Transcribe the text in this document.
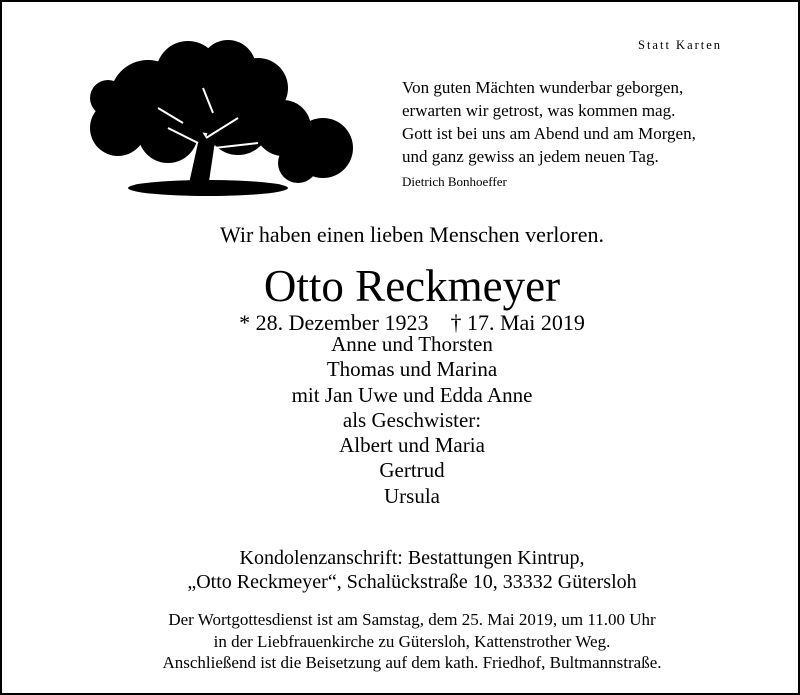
Statt Karten
Von guten Mächten wunderbar geborgen,
erwarten wir getrost, was kommen mag.
Gott ist bei uns am Abend und am Morgen,
und ganz gewiss an jedem neuen Tag.
Dietrich Bonhoeffer
Wir haben einen lieben Menschen verloren.
Otto Reckmeyer
* 28. Dezember 1923 † 17. Mai 2019
Anne und Thorsten
Thomas und Marina
mit Jan Uwe und Edda Anne
als Geschwister:
Albert und Maria
Gertrud
Ursula
Kondolenzanschrift: Bestattungen Kintrup,
„Otto Reckmeyer“, Schalückstraße 10, 33332 Gütersloh
Der Wortgottesdienst ist am Samstag, dem 25. Mai 2019, um 11.00 Uhr
in der Liebfrauenkirche zu Gütersloh, Kattenstrother Weg.
Anschließend ist die Beisetzung auf dem kath. Friedhof, Bultmannstraße.
